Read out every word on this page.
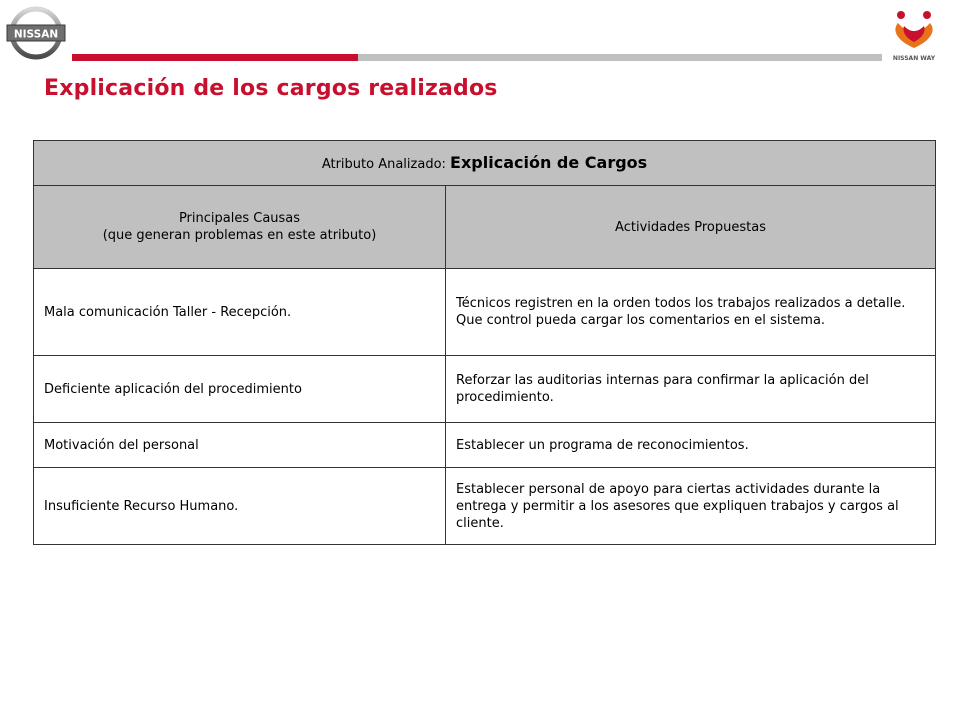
NISSAN
NISSAN WAY
Explicación de los cargos realizados
Atributo Analizado: Explicación de Cargos	

Principales Causas
(que generan problemas en este atributo)	Actividades Propuestas
Mala comunicación Taller - Recepción.	Técnicos registren en la orden todos los trabajos realizados a detalle. Que control pueda cargar los comentarios en el sistema.
Deficiente aplicación del procedimiento	Reforzar las auditorias internas para confirmar la aplicación del procedimiento.
Motivación del personal	Establecer un programa de reconocimientos.
Insuficiente Recurso Humano.	Establecer personal de apoyo para ciertas actividades durante la entrega y permitir a los asesores que expliquen trabajos y cargos al cliente.
